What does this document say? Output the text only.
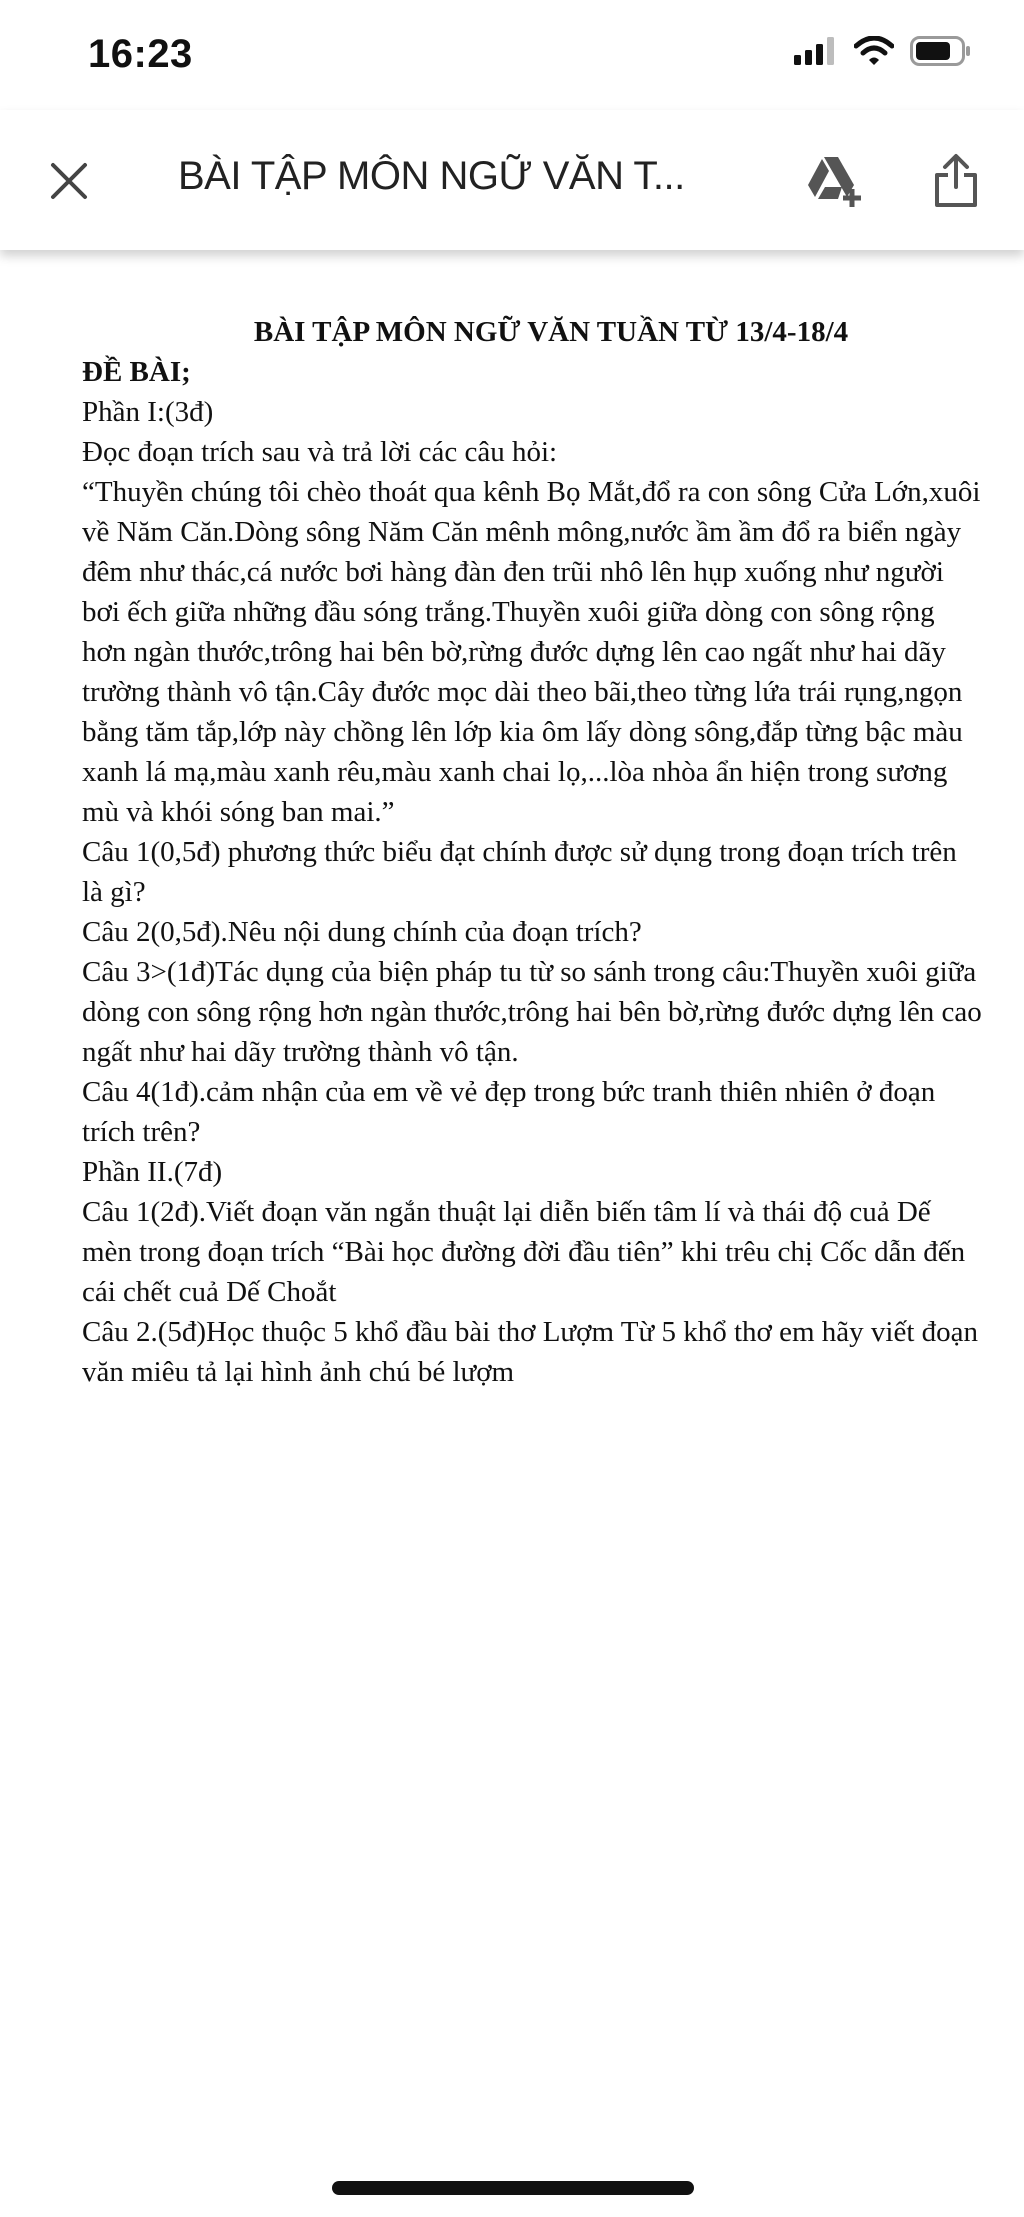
16:23
BÀI TẬP MÔN NGỮ VĂN T...
BÀI TẬP MÔN NGỮ VĂN TUẦN TỪ 13/4-18/4

ĐỀ BÀI;

Phần I:(3đ)

Đọc đoạn trích sau và trả lời các câu hỏi:

“Thuyền chúng tôi chèo thoát qua kênh Bọ Mắt,đổ ra con sông Cửa Lớn,xuôi về Năm Căn.Dòng sông Năm Căn mênh mông,nước ầm ầm đổ ra biển ngày đêm như thác,cá nước bơi hàng đàn đen trũi nhô lên hụp xuống như người bơi ếch giữa những đầu sóng trắng.Thuyền xuôi giữa dòng con sông rộng hơn ngàn thước,trông hai bên bờ,rừng đước dựng lên cao ngất như hai dãy trường thành vô tận.Cây đước mọc dài theo bãi,theo từng lứa trái rụng,ngọn bằng tăm tắp,lớp này chồng lên lớp kia ôm lấy dòng sông,đắp từng bậc màu xanh lá mạ,màu xanh rêu,màu xanh chai lọ,...lòa nhòa ẩn hiện trong sương mù và khói sóng ban mai.”

Câu 1(0,5đ) phương thức biểu đạt chính được sử dụng trong đoạn trích trên là gì?

Câu 2(0,5đ).Nêu nội dung chính của đoạn trích?

Câu 3>(1đ)Tác dụng của biện pháp tu từ so sánh trong câu:Thuyền xuôi giữa dòng con sông rộng hơn ngàn thước,trông hai bên bờ,rừng đước dựng lên cao ngất như hai dãy trường thành vô tận.

Câu 4(1đ).cảm nhận của em về vẻ đẹp trong bức tranh thiên nhiên ở đoạn trích trên?

Phần II.(7đ)

Câu 1(2đ).Viết đoạn văn ngắn thuật lại diễn biến tâm lí và thái độ cuả Dế mèn trong đoạn trích “Bài học đường đời đầu tiên” khi trêu chị Cốc dẫn đến cái chết cuả Dế Choắt

Câu 2.(5đ)Học thuộc 5 khổ đầu bài thơ Lượm Từ 5 khổ thơ em hãy viết đoạn văn miêu tả lại hình ảnh chú bé lượm
